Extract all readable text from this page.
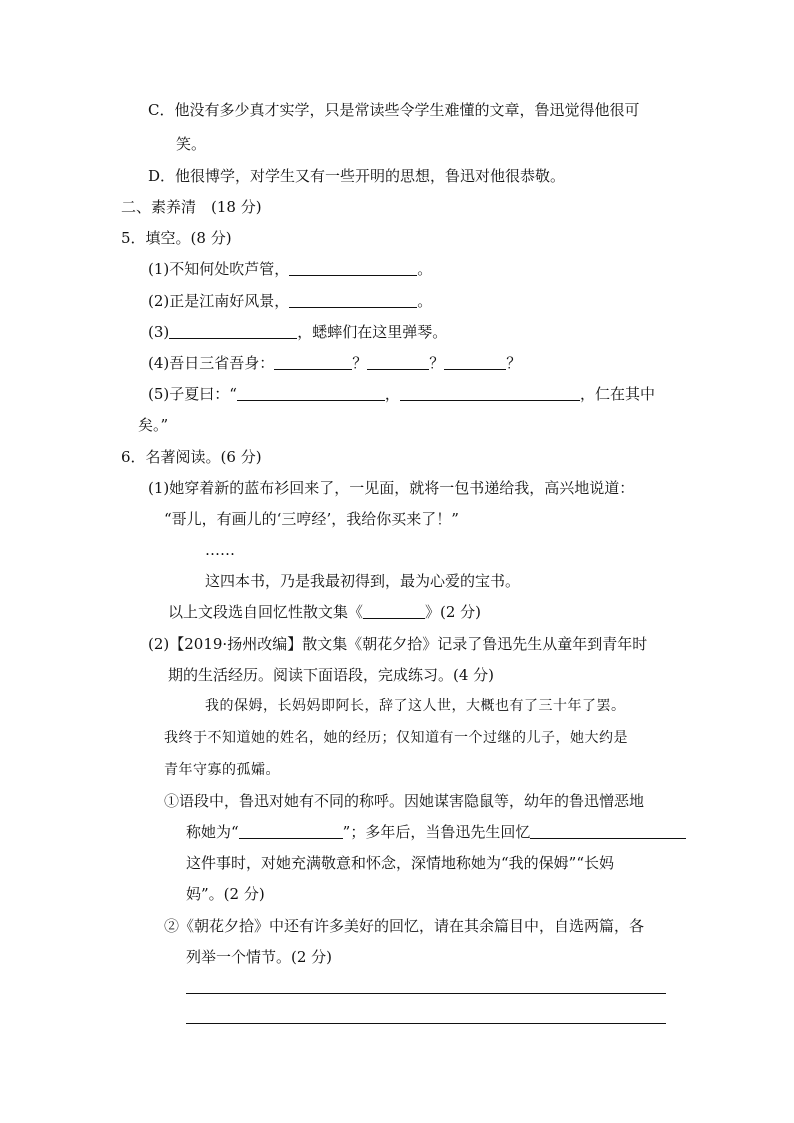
C．他没有多少真才实学，只是常读些令学生难懂的文章，鲁迅觉得他很可
笑。
D．他很博学，对学生又有一些开明的思想，鲁迅对他很恭敬。
二、素养清　(18 分)
5．填空。(8 分)
(1)不知何处吹芦管，	。
(2)正是江南好风景，	。
(3)	，蟋蟀们在这里弹琴。
(4)吾日三省吾身：	？	？	？
(5)子夏曰：“	，	，仁在其中
矣。”
6．名著阅读。(6 分)
(1)她穿着新的蓝布衫回来了，一见面，就将一包书递给我，高兴地说道：
“哥儿，有画儿的‘三哼经’，我给你买来了！”
……
这四本书，乃是我最初得到，最为心爱的宝书。
以上文段选自回忆性散文集《	》(2 分)
(2)【2019·扬州改编】散文集《朝花夕拾》记录了鲁迅先生从童年到青年时
期的生活经历。阅读下面语段，完成练习。(4 分)
我的保姆，长妈妈即阿长，辞了这人世，大概也有了三十年了罢。
我终于不知道她的姓名，她的经历；仅知道有一个过继的儿子，她大约是
青年守寡的孤孀。
①语段中，鲁迅对她有不同的称呼。因她谋害隐鼠等，幼年的鲁迅憎恶地
称她为“	”；多年后，当鲁迅先生回忆
这件事时，对她充满敬意和怀念，深情地称她为“我的保姆”“长妈
妈”。(2 分)
②《朝花夕拾》中还有许多美好的回忆，请在其余篇目中，自选两篇，各
列举一个情节。(2 分)
